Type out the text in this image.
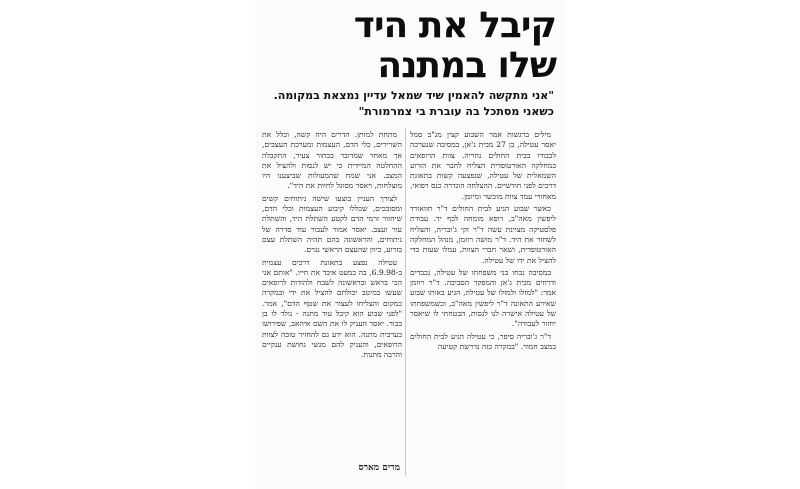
קיבל את היד
שלו במתנה
"אני מתקשה להאמין שיד שמאל עדיין נמצאת במקומה. כשאני מסתכל בה עוברת בי צמרמורת"

מילים ברגשות אמר השבוע קצין מג"ב סמל יאסר עטילה, בן 27 מבית ג'אן, במסיבה שנערכה לכבודו בבית החולים נהריה. צוות הרופאים במחלקה האורטופדית הצליח לחבר את הזרוע השמאלית של עטילה, שנפצעה קשות בתאונת דרכים לפני חודשיים. ההצלחה הוגדרה כנס רפואי, מאחורי עמד צוות מוכשר ומיומן.

כאשר שבוע הגיע לבית החולים ד"ר חוואורד ליפשין מאה"ב, רופא מומחה לכף יד. עבודת פלסטיקה מצוינת עשה ד"ר זקי ג'ובריה, והצליח לשחזר את היד. ד"ר מושה רוזמן, מנהל המחלקה האורטופדית, ושאר חברי הצוות, עמלו שעות כדי להציל את ידו של עטילה.

במסיבה נכחו בני משפחתו של עטילה, נכבדים ודרוזים מבית ג'אן והמפקד הסביבה. ד"ר רוזמן אמר: "למזלו ולמזלו של עטילה, הגיע באותו שבוע שאירע התאונה ד"ר ליפשין מאה"ב, וכשמשפחתו של עטילה אישרה לנו לנסות, הבטחתי לו שיאסר יחזור לעבודה".

ד"ר ג'ובריה סיפר, כי עטילה הגיע לבית החולים במצב חמור. "במקרה כזה נדרשת קטיעה

מתחת למותן. הדרים היה קשה, וכלל את השרירים, כלי הדם, העצמות ומערכת העצבים, אך מאחר שמדובר בבחור צעיר, התקבלה ההחלטה המיידית כי יש לנסות ולהציל את המצב. אני שמח שהמעולות שביצענו היו מוצלחות, ויאסר מסוגל לחיות את היד".

לצורך העניין בוצעו שישה ניתוחים קשים ומסובכים, שכללו קיבוע העצמות וכלי הדם, שיחזור זרמי הדם לקטע השתלת היד, והשתלת עור ועצב. יאסר אמור לעבור עוד סדרה של ניתוחים, והראשונה בהם תהיה השתלת עצם בזרוע, כיוון שהעצם הראשי נגרם.

עטילה נפצע בתאונת דרכים עצמית ב-6.9.98, בה כמעט איבד את חייו. "אותם אני הכי בראש ובראשונה לשבח ולהודות לרופאים שעשו כמיטב יכולתם להציל את ידי ובמקרה כמקום והצליחו לעצור את שטף הדם", אמר. "לפני שבוע הוא קיבל עוד מתנה - נולד לו בן בכור. יאסר העניק לו את השם איהאב, שפירושו בערבית מתנה. הוא ידע גם להחזיר טובה לצוות הרופאים, והעניק להם מגשי נחושת ענקיים והרבה מתנות.

מרים מארס
